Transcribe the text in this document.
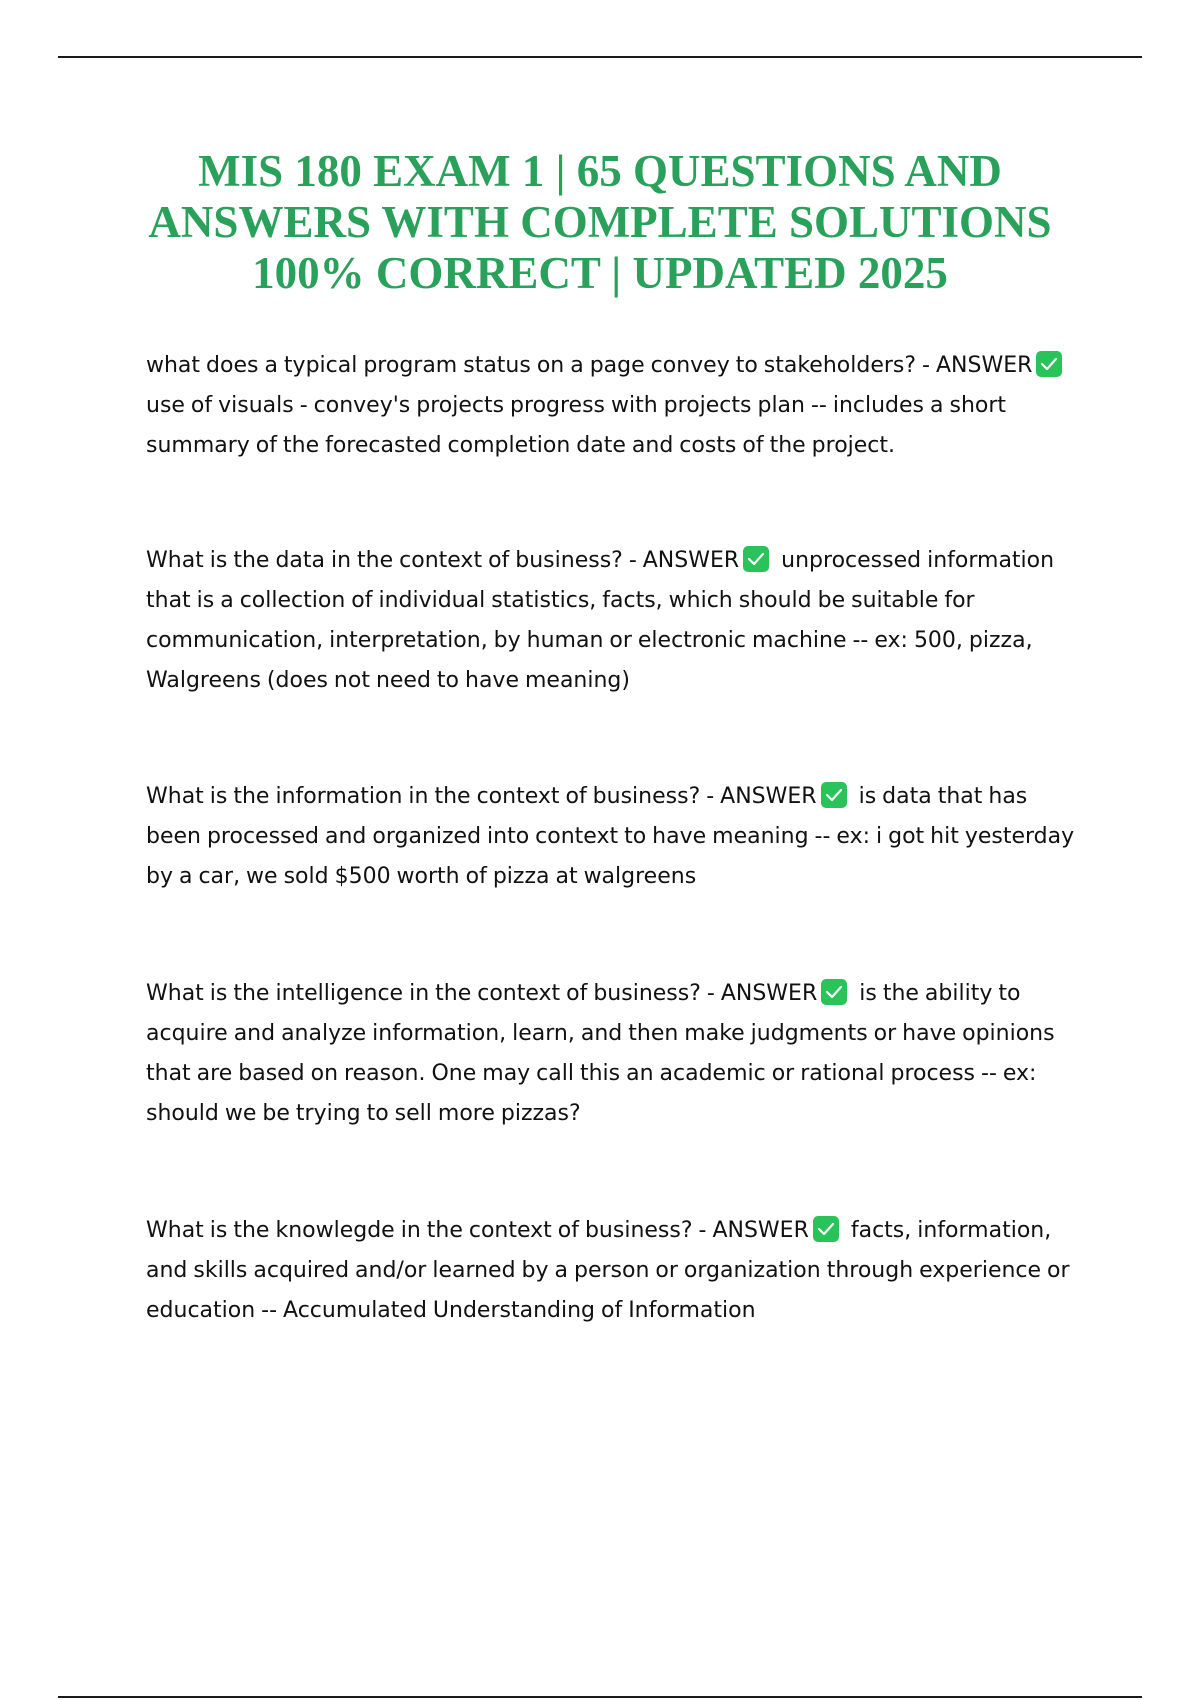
MIS 180 EXAM 1 | 65 QUESTIONS AND
ANSWERS WITH COMPLETE SOLUTIONS
100% CORRECT | UPDATED 2025

what does a typical program status on a page convey to stakeholders? - ANSWER
use of visuals - convey's projects progress with projects plan -- includes a short summary of the forecasted completion date and costs of the project.

What is the data in the context of business? - ANSWER unprocessed information that is a collection of individual statistics, facts, which should be suitable for communication, interpretation, by human or electronic machine -- ex: 500, pizza, Walgreens (does not need to have meaning)

What is the information in the context of business? - ANSWER is data that has been processed and organized into context to have meaning -- ex: i got hit yesterday by a car, we sold $500 worth of pizza at walgreens

What is the intelligence in the context of business? - ANSWER is the ability to acquire and analyze information, learn, and then make judgments or have opinions that are based on reason. One may call this an academic or rational process -- ex: should we be trying to sell more pizzas?

What is the knowlegde in the context of business? - ANSWER facts, information, and skills acquired and/or learned by a person or organization through experience or education -- Accumulated Understanding of Information
